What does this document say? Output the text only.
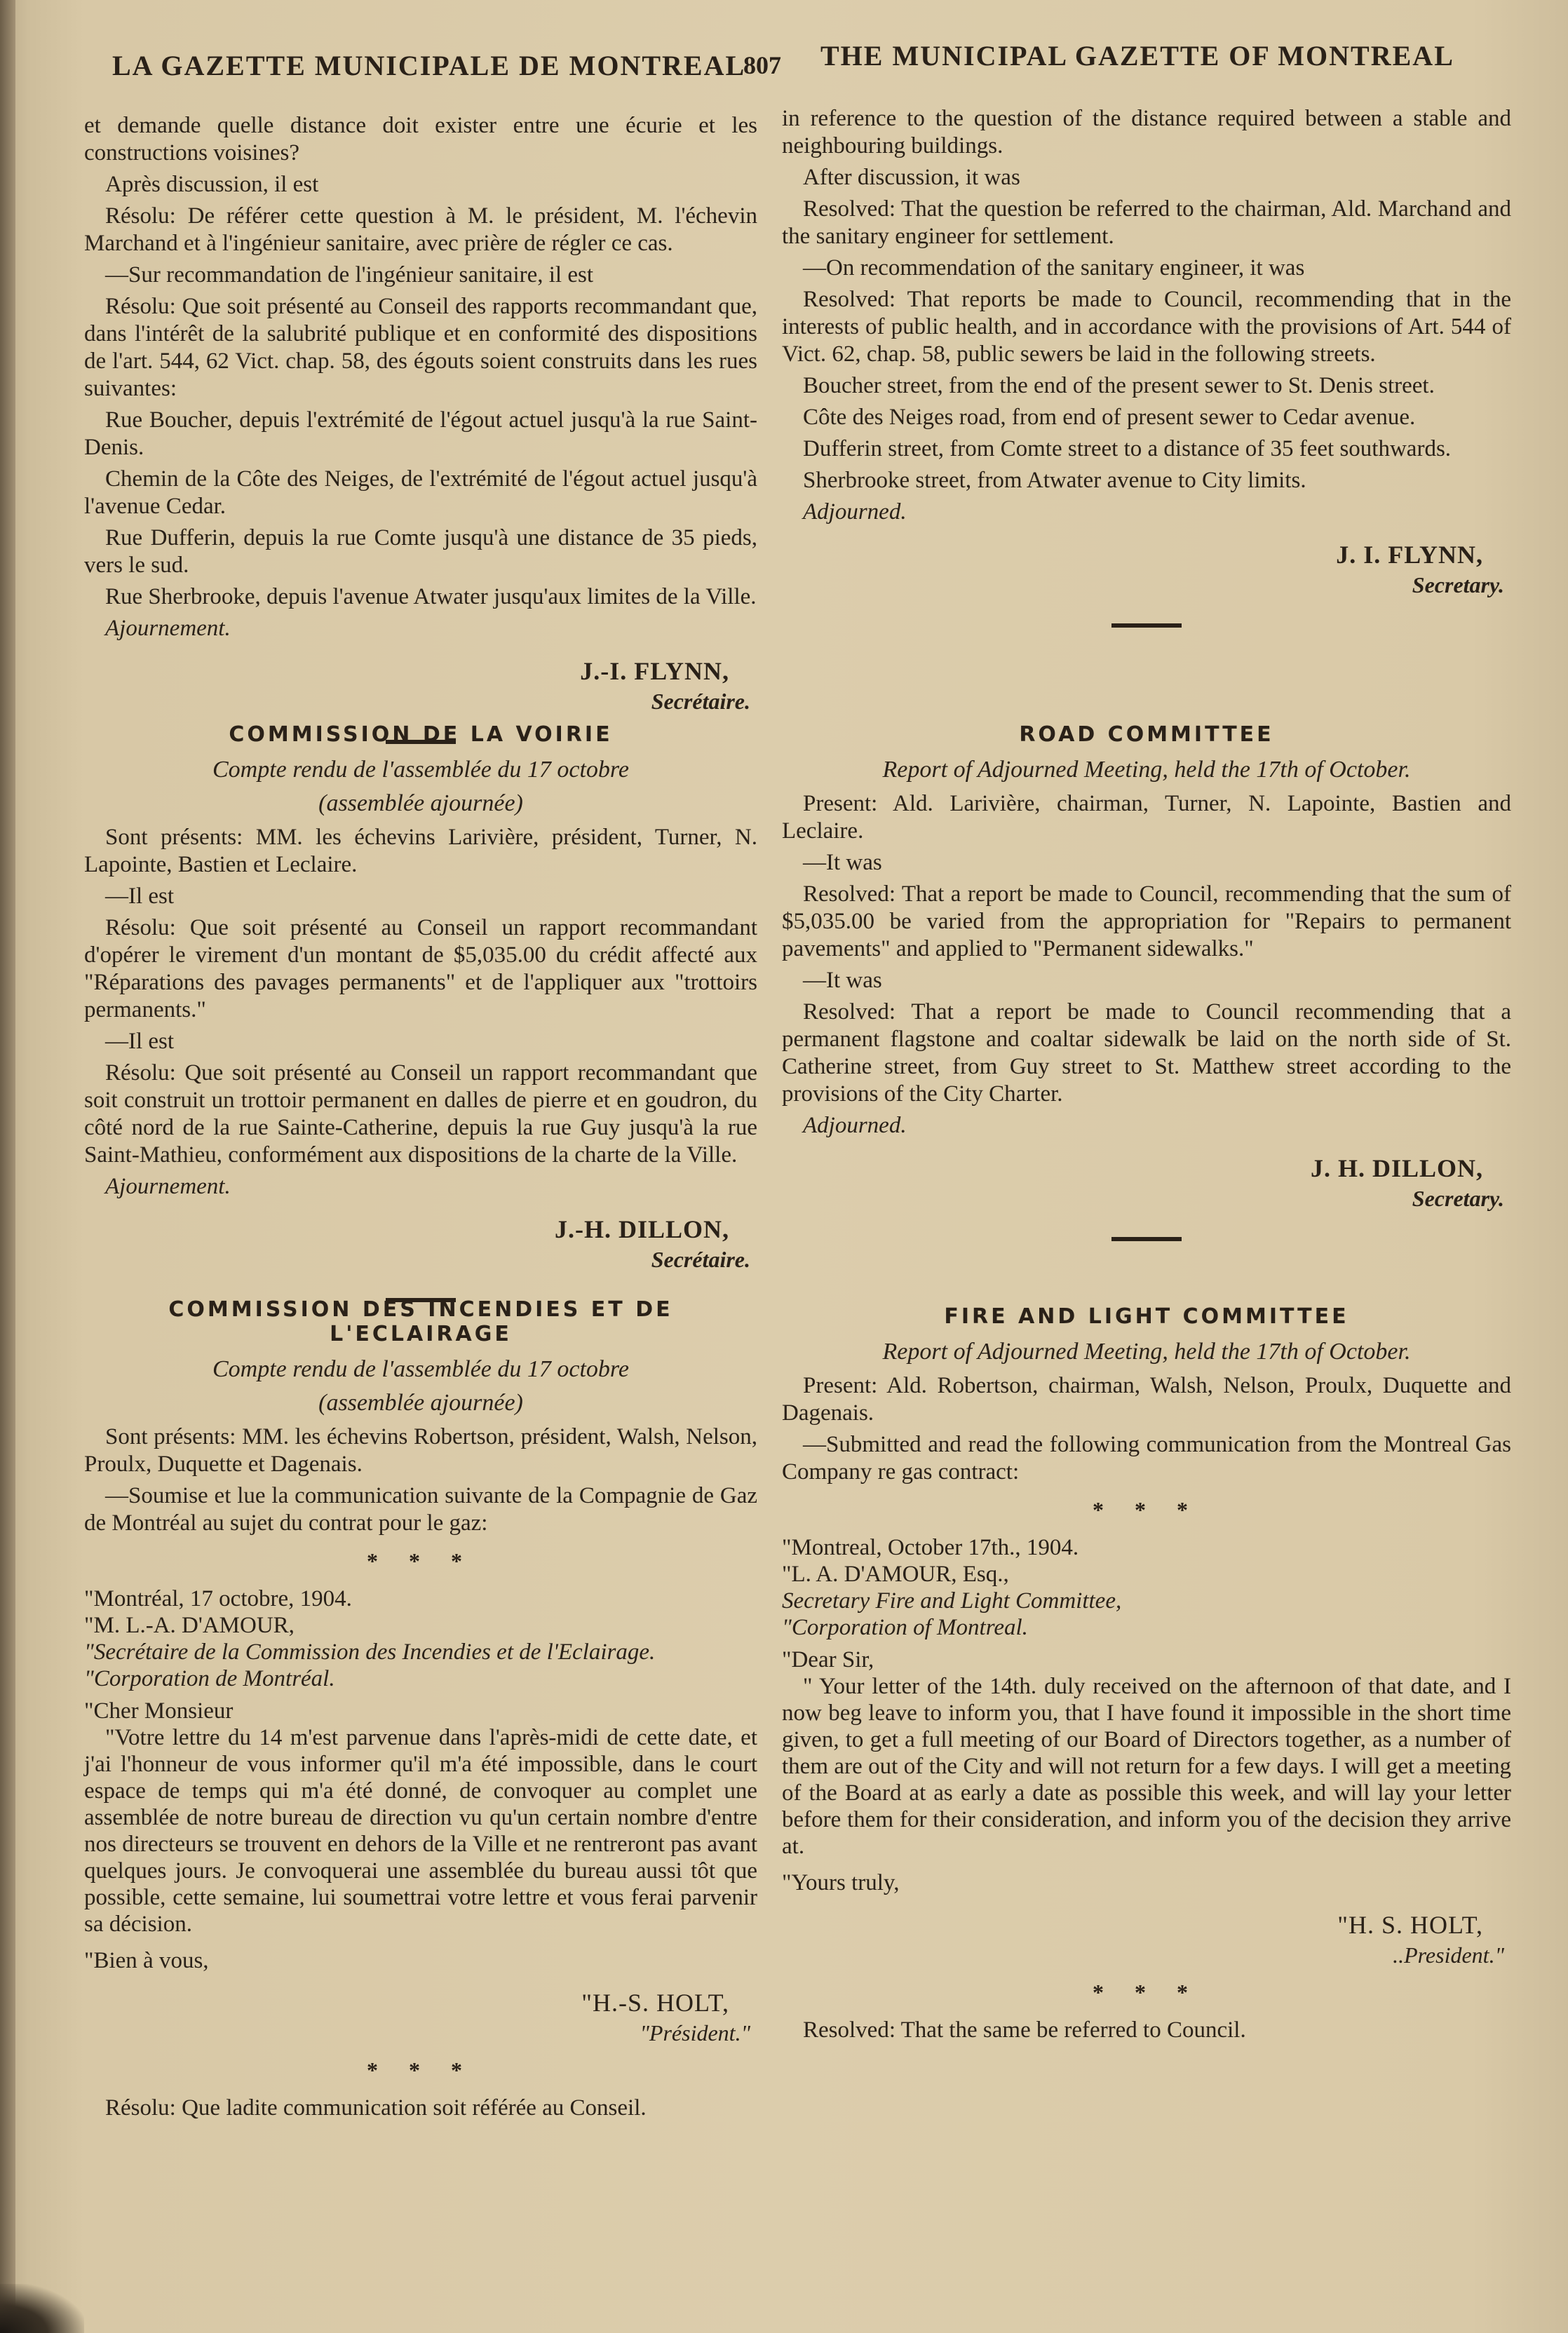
LA GAZETTE MUNICIPALE DE MONTREAL
807 THE MUNICIPAL GAZETTE OF MONTREAL

et demande quelle distance doit exister entre une écurie et les constructions voisines?

Après discussion, il est

Résolu: De référer cette question à M. le président, M. l'échevin Marchand et à l'ingénieur sanitaire, avec prière de régler ce cas.

—Sur recommandation de l'ingénieur sanitaire, il est

Résolu: Que soit présenté au Conseil des rapports recommandant que, dans l'intérêt de la salubrité publique et en conformité des dispositions de l'art. 544, 62 Vict. chap. 58, des égouts soient construits dans les rues suivantes:

Rue Boucher, depuis l'extrémité de l'égout actuel jusqu'à la rue Saint-Denis.

Chemin de la Côte des Neiges, de l'extrémité de l'égout actuel jusqu'à l'avenue Cedar.

Rue Dufferin, depuis la rue Comte jusqu'à une distance de 35 pieds, vers le sud.

Rue Sherbrooke, depuis l'avenue Atwater jusqu'aux limites de la Ville.

Ajournement.

J.-I. FLYNN,
Secrétaire.
COMMISSION DE LA VOIRIE
Compte rendu de l'assemblée du 17 octobre
(assemblée ajournée)

Sont présents: MM. les échevins Larivière, président, Turner, N. Lapointe, Bastien et Leclaire.

—Il est

Résolu: Que soit présenté au Conseil un rapport recommandant d'opérer le virement d'un montant de $5,035.00 du crédit affecté aux "Réparations des pavages permanents" et de l'appliquer aux "trottoirs permanents."

—Il est

Résolu: Que soit présenté au Conseil un rapport recommandant que soit construit un trottoir permanent en dalles de pierre et en goudron, du côté nord de la rue Sainte-Catherine, depuis la rue Guy jusqu'à la rue Saint-Mathieu, conformément aux dispositions de la charte de la Ville.

Ajournement.

J.-H. DILLON,
Secrétaire.
COMMISSION DES INCENDIES ET DE L'ECLAIRAGE
Compte rendu de l'assemblée du 17 octobre
(assemblée ajournée)

Sont présents: MM. les échevins Robertson, président, Walsh, Nelson, Proulx, Duquette et Dagenais.

—Soumise et lue la communication suivante de la Compagnie de Gaz de Montréal au sujet du contrat pour le gaz:

* * *

"Montréal, 17 octobre, 1904.

"M. L.-A. D'AMOUR,

"Secrétaire de la Commission des Incendies et de l'Eclairage.

"Corporation de Montréal.

"Cher Monsieur

"Votre lettre du 14 m'est parvenue dans l'après-midi de cette date, et j'ai l'honneur de vous informer qu'il m'a été impossible, dans le court espace de temps qui m'a été donné, de convoquer au complet une assemblée de notre bureau de direction vu qu'un certain nombre d'entre nos directeurs se trouvent en dehors de la Ville et ne rentreront pas avant quelques jours. Je convoquerai une assemblée du bureau aussi tôt que possible, cette semaine, lui soumettrai votre lettre et vous ferai parvenir sa décision.

"Bien à vous,

"H.-S. HOLT,
"Président."
* * *

Résolu: Que ladite communication soit référée au Conseil.

in reference to the question of the distance required between a stable and neighbouring buildings.

After discussion, it was

Resolved: That the question be referred to the chairman, Ald. Marchand and the sanitary engineer for settlement.

—On recommendation of the sanitary engineer, it was

Resolved: That reports be made to Council, recommending that in the interests of public health, and in accordance with the provisions of Art. 544 of Vict. 62, chap. 58, public sewers be laid in the following streets.

Boucher street, from the end of the present sewer to St. Denis street.

Côte des Neiges road, from end of present sewer to Cedar avenue.

Dufferin street, from Comte street to a distance of 35 feet southwards.

Sherbrooke street, from Atwater avenue to City limits.

Adjourned.

J. I. FLYNN,
Secretary.
ROAD COMMITTEE
Report of Adjourned Meeting, held the 17th of October.

Present: Ald. Larivière, chairman, Turner, N. Lapointe, Bastien and Leclaire.

—It was

Resolved: That a report be made to Council, recommending that the sum of $5,035.00 be varied from the appropriation for "Repairs to permanent pavements" and applied to "Permanent sidewalks."

—It was

Resolved: That a report be made to Council recommending that a permanent flagstone and coaltar sidewalk be laid on the north side of St. Catherine street, from Guy street to St. Matthew street according to the provisions of the City Charter.

Adjourned.

J. H. DILLON,
Secretary.
FIRE AND LIGHT COMMITTEE
Report of Adjourned Meeting, held the 17th of October.

Present: Ald. Robertson, chairman, Walsh, Nelson, Proulx, Duquette and Dagenais.

—Submitted and read the following communication from the Montreal Gas Company re gas contract:

* * *

"Montreal, October 17th., 1904.

"L. A. D'AMOUR, Esq.,

Secretary Fire and Light Committee,

"Corporation of Montreal.

"Dear Sir,

" Your letter of the 14th. duly received on the afternoon of that date, and I now beg leave to inform you, that I have found it impossible in the short time given, to get a full meeting of our Board of Directors together, as a number of them are out of the City and will not return for a few days. I will get a meeting of the Board at as early a date as possible this week, and will lay your letter before them for their consideration, and inform you of the decision they arrive at.

"Yours truly,

"H. S. HOLT,
..President."
* * *

Resolved: That the same be referred to Council.
